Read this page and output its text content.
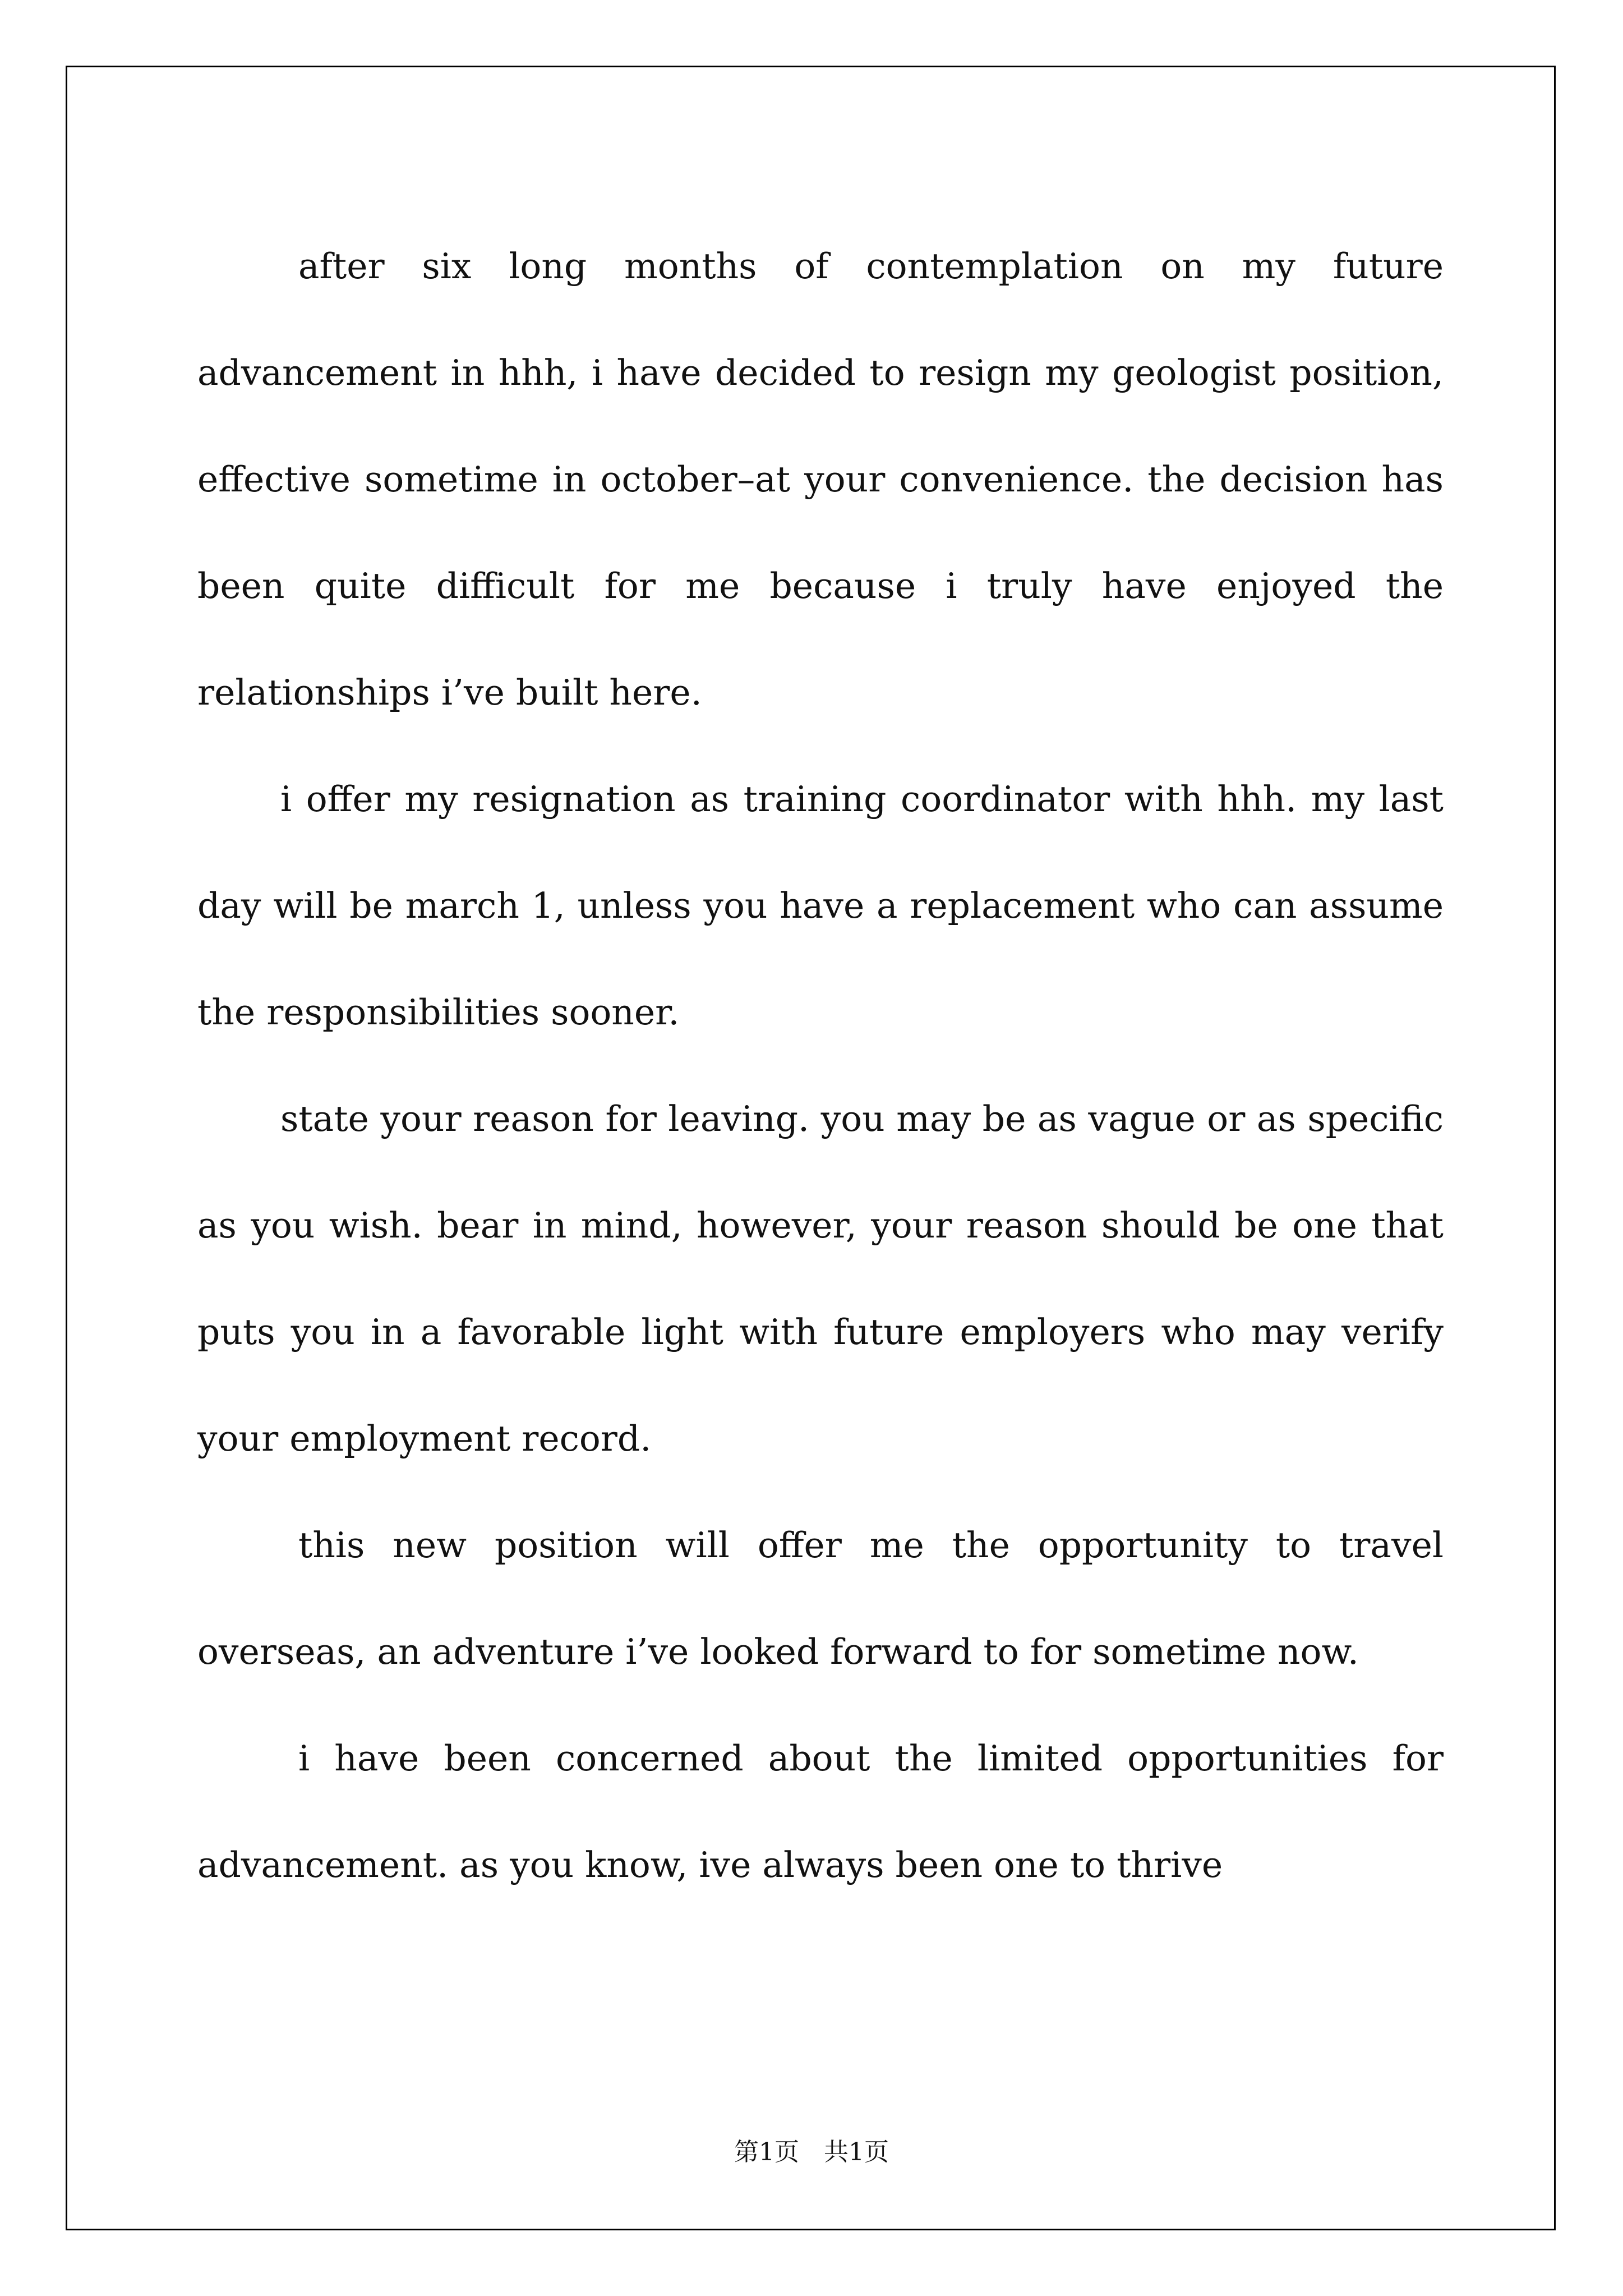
after six long months of contemplation on my future advancement in hhh, i have decided to resign my geologist position, effective sometime in october–at your convenience. the decision has been quite difficult for me because i truly have enjoyed the relationships i’ve built here.

i offer my resignation as training coordinator with hhh. my last day will be march 1, unless you have a replacement who can assume the responsibilities sooner.

state your reason for leaving. you may be as vague or as specific as you wish. bear in mind, however, your reason should be one that puts you in a favorable light with future employers who may verify your employment record.

this new position will offer me the opportunity to travel overseas, an adventure i’ve looked forward to for sometime now.

i have been concerned about the limited opportunities for advancement. as you know, ive always been one to thrive

第1页　共1页
